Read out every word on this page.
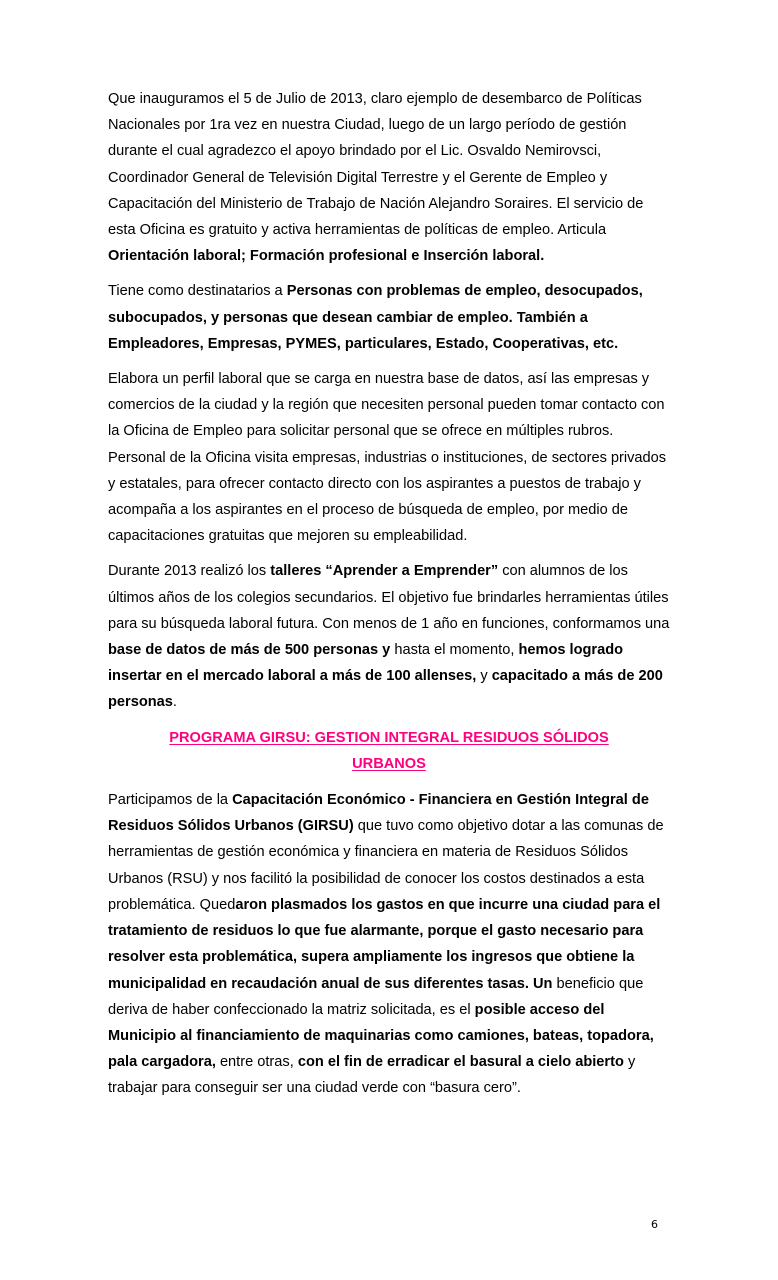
Que inauguramos el 5 de Julio de 2013, claro ejemplo de desembarco de Políticas Nacionales por 1ra vez en nuestra Ciudad, luego de un largo período de gestión durante el cual agradezco el apoyo brindado por el Lic. Osvaldo Nemirovsci, Coordinador General de Televisión Digital Terrestre y el Gerente de Empleo y Capacitación del Ministerio de Trabajo de Nación Alejandro Soraires. El servicio de esta Oficina es gratuito y activa herramientas de políticas de empleo. Articula Orientación laboral; Formación profesional e Inserción laboral.

Tiene como destinatarios a Personas con problemas de empleo, desocupados, subocupados, y personas que desean cambiar de empleo. También a Empleadores, Empresas, PYMES, particulares, Estado, Cooperativas, etc.

Elabora un perfil laboral que se carga en nuestra base de datos, así las empresas y comercios de la ciudad y la región que necesiten personal pueden tomar contacto con la Oficina de Empleo para solicitar personal que se ofrece en múltiples rubros. Personal de la Oficina visita empresas, industrias o instituciones, de sectores privados y estatales, para ofrecer contacto directo con los aspirantes a puestos de trabajo y acompaña a los aspirantes en el proceso de búsqueda de empleo, por medio de capacitaciones gratuitas que mejoren su empleabilidad.

Durante 2013 realizó los talleres “Aprender a Emprender” con alumnos de los últimos años de los colegios secundarios. El objetivo fue brindarles herramientas útiles para su búsqueda laboral futura. Con menos de 1 año en funciones, conformamos una base de datos de más de 500 personas y hasta el momento, hemos logrado insertar en el mercado laboral a más de 100 allenses, y capacitado a más de 200 personas.

PROGRAMA GIRSU: GESTION INTEGRAL RESIDUOS SÓLIDOS
URBANOS

Participamos de la Capacitación Económico - Financiera en Gestión Integral de Residuos Sólidos Urbanos (GIRSU) que tuvo como objetivo dotar a las comunas de herramientas de gestión económica y financiera en materia de Residuos Sólidos Urbanos (RSU) y nos facilitó la posibilidad de conocer los costos destinados a esta problemática. Quedaron plasmados los gastos en que incurre una ciudad para el tratamiento de residuos lo que fue alarmante, porque el gasto necesario para resolver esta problemática, supera ampliamente los ingresos que obtiene la municipalidad en recaudación anual de sus diferentes tasas. Un beneficio que deriva de haber confeccionado la matriz solicitada, es el posible acceso del Municipio al financiamiento de maquinarias como camiones, bateas, topadora, pala cargadora, entre otras, con el fin de erradicar el basural a cielo abierto y trabajar para conseguir ser una ciudad verde con “basura cero”.

6
